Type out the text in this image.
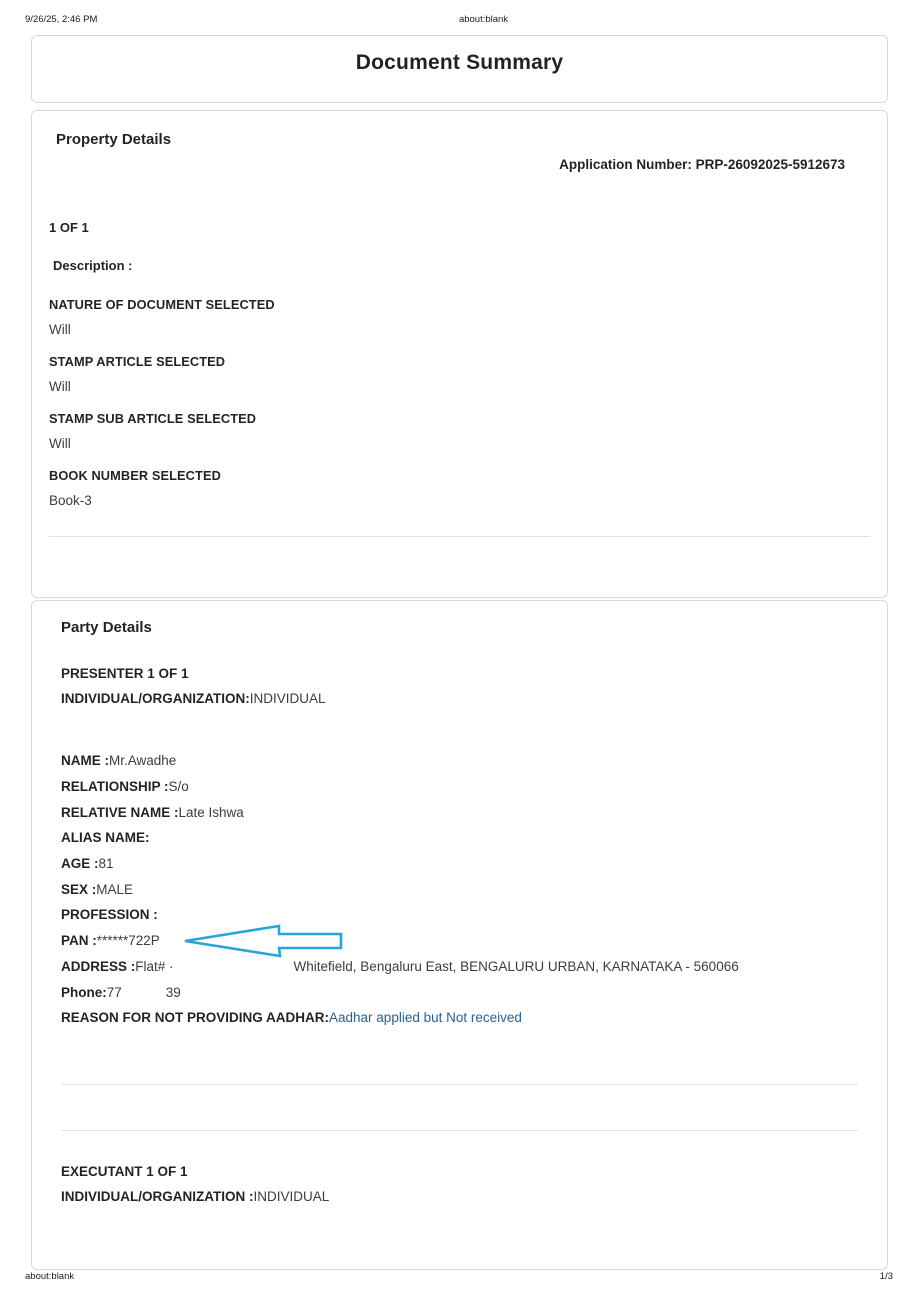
9/26/25, 2:46 PM	about:blank
Document Summary
Property Details
Application Number: PRP-26092025-5912673
1 OF 1
Description :
NATURE OF DOCUMENT SELECTED
Will
STAMP ARTICLE SELECTED
Will
STAMP SUB ARTICLE SELECTED
Will
BOOK NUMBER SELECTED
Book-3
Party Details
PRESENTER 1 OF 1
INDIVIDUAL/ORGANIZATION:INDIVIDUAL
NAME : Mr.Awadhe
RELATIONSHIP : S/o
RELATIVE NAME : Late Ishwa
ALIAS NAME:
AGE : 81
SEX : MALE
PROFESSION :
PAN : ******722P
ADDRESS : Flat# ·	Whitefield, Bengaluru East, BENGALURU URBAN, KARNATAKA - 560066
Phone: 77	39
REASON FOR NOT PROVIDING AADHAR: Aadhar applied but Not received
EXECUTANT 1 OF 1
INDIVIDUAL/ORGANIZATION :INDIVIDUAL
about:blank	1/3
